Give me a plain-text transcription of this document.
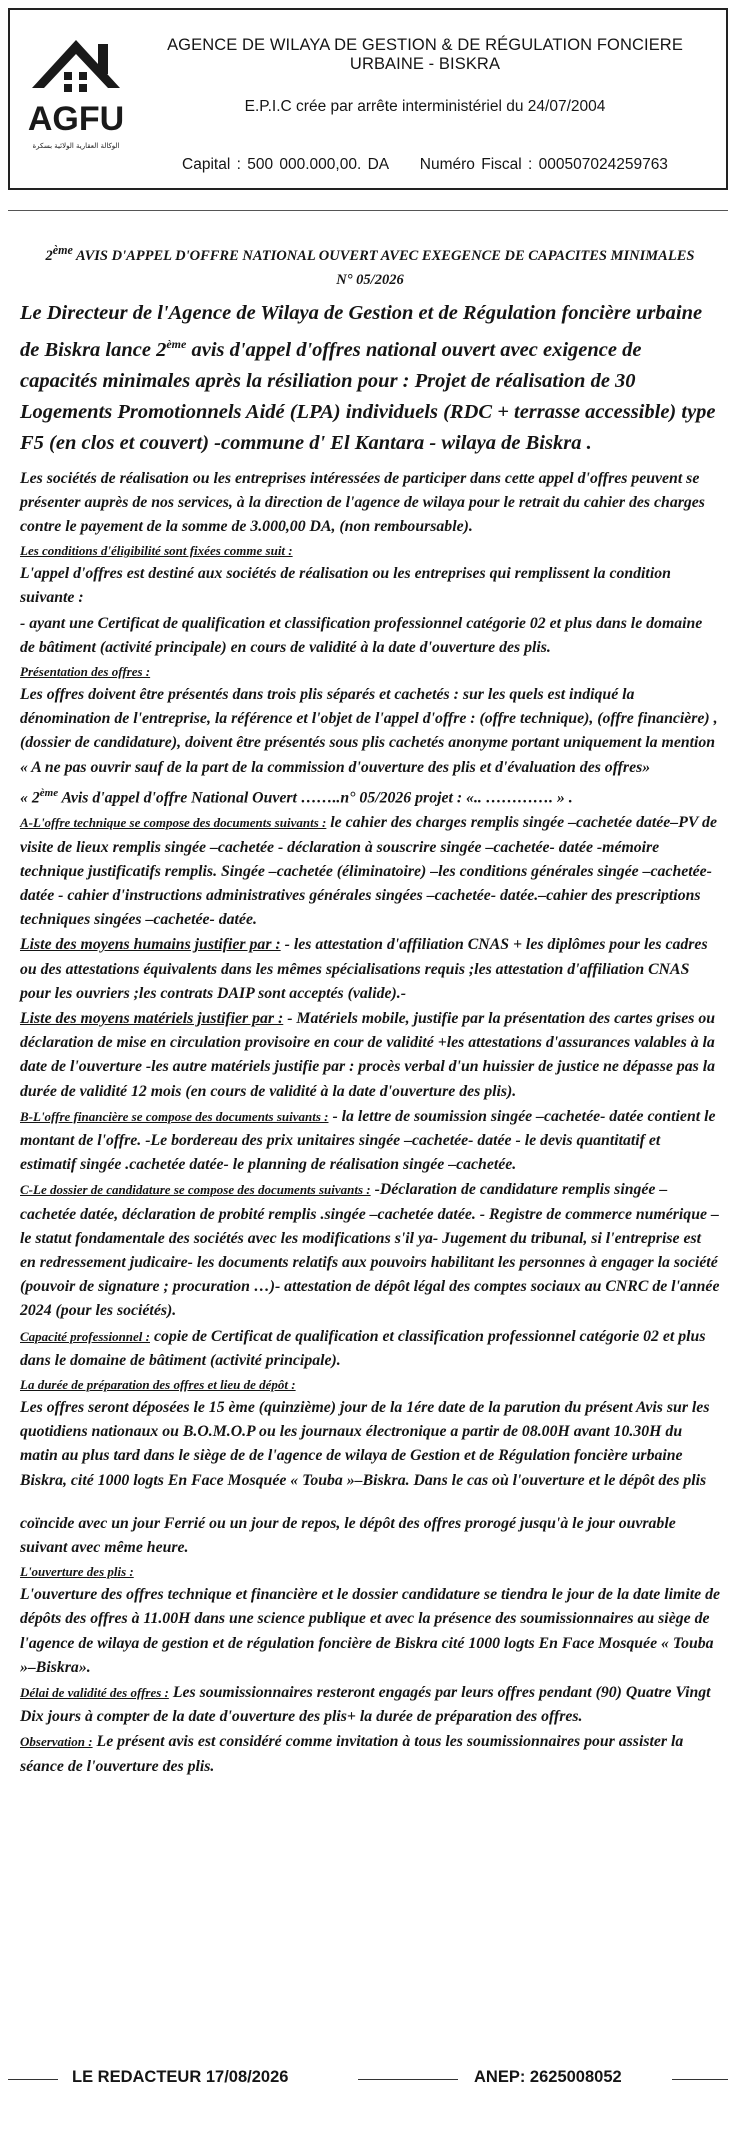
AGFU
الوكالة العقارية الولائية بسكرة
AGENCE DE WILAYA DE GESTION & DE RÉGULATION FONCIERE URBAINE - BISKRA
E.P.I.C crée par arrête interministériel du 24/07/2004
Capital : 500 000.000,00. DA Numéro Fiscal : 000507024259763
2ème AVIS D'APPEL D'OFFRE NATIONAL OUVERT AVEC EXEGENCE DE CAPACITES MINIMALES
N° 05/2026
Le Directeur de l'Agence de Wilaya de Gestion et de Régulation foncière urbaine de Biskra lance 2ème avis d'appel d'offres national ouvert avec exigence de capacités minimales après la résiliation pour : Projet de réalisation de 30 Logements Promotionnels Aidé (LPA) individuels (RDC + terrasse accessible) type F5 (en clos et couvert) -commune d' El Kantara - wilaya de Biskra .
Les sociétés de réalisation ou les entreprises intéressées de participer dans cette appel d'offres peuvent se présenter auprès de nos services, à la direction de l'agence de wilaya pour le retrait du cahier des charges contre le payement de la somme de 3.000,00 DA, (non remboursable).
Les conditions d'éligibilité sont fixées comme suit :
L'appel d'offres est destiné aux sociétés de réalisation ou les entreprises qui remplissent la condition suivante :
- ayant une Certificat de qualification et classification professionnel catégorie 02 et plus dans le domaine de bâtiment (activité principale) en cours de validité à la date d'ouverture des plis.
Présentation des offres :
Les offres doivent être présentés dans trois plis séparés et cachetés : sur les quels est indiqué la dénomination de l'entreprise, la référence et l'objet de l'appel d'offre : (offre technique), (offre financière) , (dossier de candidature), doivent être présentés sous plis cachetés anonyme portant uniquement la mention « A ne pas ouvrir sauf de la part de la commission d'ouverture des plis et d'évaluation des offres»
« 2ème Avis d'appel d'offre National Ouvert ……..n° 05/2026 projet : «.. …………. » .
A-L'offre technique se compose des documents suivants : le cahier des charges remplis singée –cachetée datée–PV de visite de lieux remplis singée –cachetée - déclaration à souscrire singée –cachetée- datée -mémoire technique justificatifs remplis. Singée –cachetée (éliminatoire) –les conditions générales singée –cachetée- datée - cahier d'instructions administratives générales singées –cachetée- datée.–cahier des prescriptions techniques singées –cachetée- datée.
Liste des moyens humains justifier par : - les attestation d'affiliation CNAS + les diplômes pour les cadres ou des attestations équivalents dans les mêmes spécialisations requis ;les attestation d'affiliation CNAS pour les ouvriers ;les contrats DAIP sont acceptés (valide).-
Liste des moyens matériels justifier par : - Matériels mobile, justifie par la présentation des cartes grises ou déclaration de mise en circulation provisoire en cour de validité +les attestations d'assurances valables à la date de l'ouverture -les autre matériels justifie par : procès verbal d'un huissier de justice ne dépasse pas la durée de validité 12 mois (en cours de validité à la date d'ouverture des plis).
B-L'offre financière se compose des documents suivants : - la lettre de soumission singée –cachetée- datée contient le montant de l'offre. -Le bordereau des prix unitaires singée –cachetée- datée - le devis quantitatif et estimatif singée .cachetée datée- le planning de réalisation singée –cachetée.
C-Le dossier de candidature se compose des documents suivants : -Déclaration de candidature remplis singée – cachetée datée, déclaration de probité remplis .singée –cachetée datée. - Registre de commerce numérique – le statut fondamentale des sociétés avec les modifications s'il ya- Jugement du tribunal, si l'entreprise est en redressement judicaire- les documents relatifs aux pouvoirs habilitant les personnes à engager la société (pouvoir de signature ; procuration …)- attestation de dépôt légal des comptes sociaux au CNRC de l'année 2024 (pour les sociétés).
Capacité professionnel : copie de Certificat de qualification et classification professionnel catégorie 02 et plus dans le domaine de bâtiment (activité principale).
La durée de préparation des offres et lieu de dépôt :
Les offres seront déposées le 15 ème (quinzième) jour de la 1ére date de la parution du présent Avis sur les quotidiens nationaux ou B.O.M.O.P ou les journaux électronique a partir de 08.00H avant 10.30H du matin au plus tard dans le siège de de l'agence de wilaya de Gestion et de Régulation foncière urbaine Biskra, cité 1000 logts En Face Mosquée « Touba »–Biskra. Dans le cas où l'ouverture et le dépôt des plis
coïncide avec un jour Ferrié ou un jour de repos, le dépôt des offres prorogé jusqu'à le jour ouvrable suivant avec même heure.
L'ouverture des plis :
L'ouverture des offres technique et financière et le dossier candidature se tiendra le jour de la date limite de dépôts des offres à 11.00H dans une science publique et avec la présence des soumissionnaires au siège de l'agence de wilaya de gestion et de régulation foncière de Biskra cité 1000 logts En Face Mosquée « Touba »–Biskra».
Délai de validité des offres : Les soumissionnaires resteront engagés par leurs offres pendant (90) Quatre Vingt Dix jours à compter de la date d'ouverture des plis+ la durée de préparation des offres.
Observation : Le présent avis est considéré comme invitation à tous les soumissionnaires pour assister la séance de l'ouverture des plis.
LE REDACTEUR 17/08/2026	ANEP: 2625008052
